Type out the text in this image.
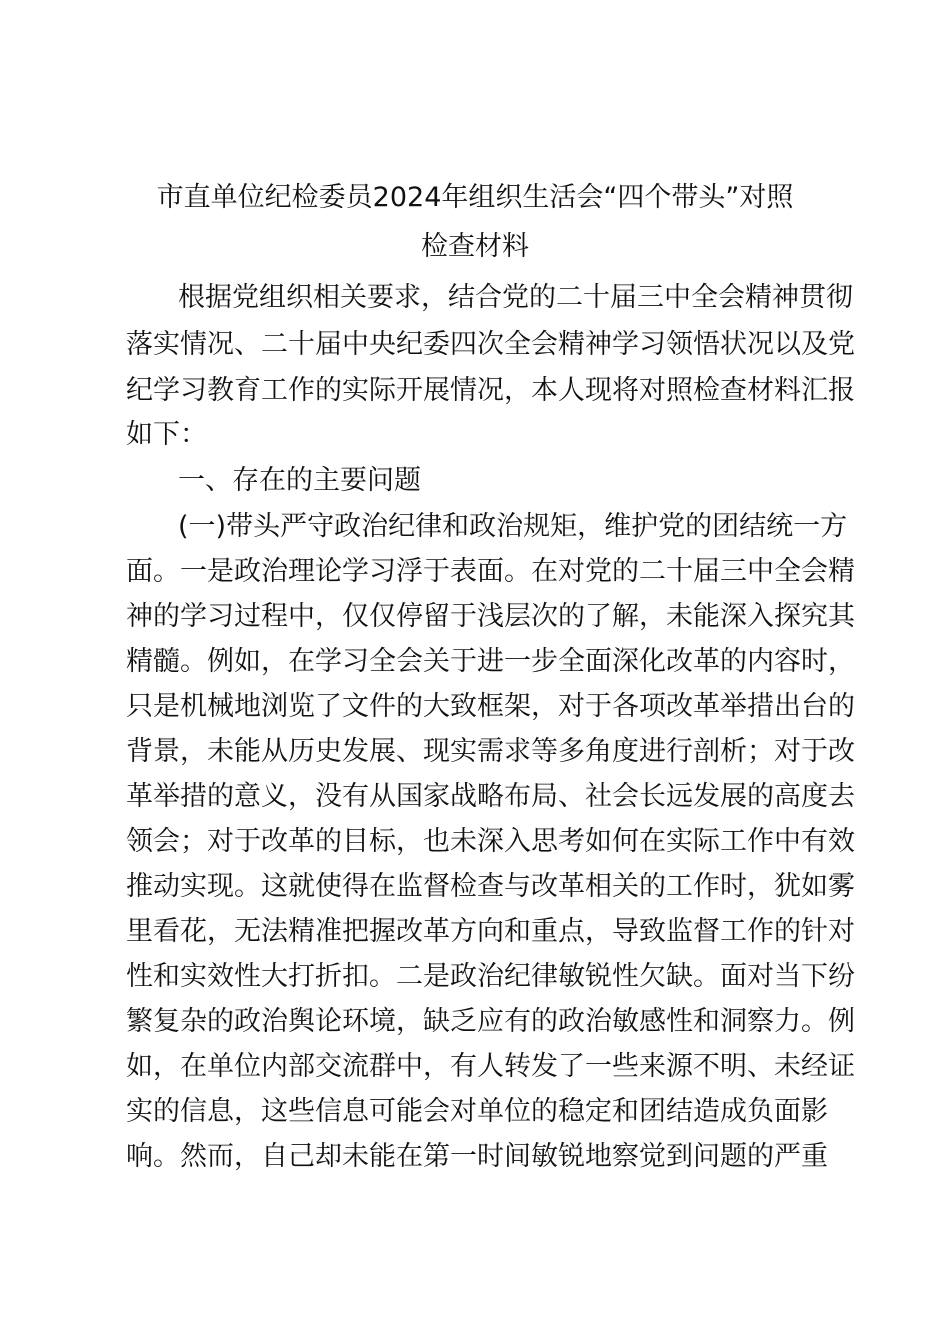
市直单位纪检委员2024年组织生活会“四个带头”对照
检查材料
根 据 党 组 织 相 关 要 求 ， 结 合 党 的 二 十 届 三 中 全 会 精 神 贯 彻
落 实 情 况 、 二 十 届 中 央 纪 委 四 次 全 会 精 神 学 习 领 悟 状 况 以 及 党
纪 学 习 教 育 工 作 的 实 际 开 展 情 况 ， 本 人 现 将 对 照 检 查 材 料 汇 报
如下：
一、存在的主要问题
( 一 ) 带 头 严 守 政 治 纪 律 和 政 治 规 矩 ， 维 护 党 的 团 结 统 一 方
面 。 一 是 政 治 理 论 学 习 浮 于 表 面 。 在 对 党 的 二 十 届 三 中 全 会 精
神 的 学 习 过 程 中 ， 仅 仅 停 留 于 浅 层 次 的 了 解 ， 未 能 深 入 探 究 其
精 髓 。 例 如 ， 在 学 习 全 会 关 于 进 一 步 全 面 深 化 改 革 的 内 容 时 ，
只 是 机 械 地 浏 览 了 文 件 的 大 致 框 架 ， 对 于 各 项 改 革 举 措 出 台 的
背 景 ， 未 能 从 历 史 发 展 、 现 实 需 求 等 多 角 度 进 行 剖 析 ； 对 于 改
革 举 措 的 意 义 ， 没 有 从 国 家 战 略 布 局 、 社 会 长 远 发 展 的 高 度 去
领 会 ； 对 于 改 革 的 目 标 ， 也 未 深 入 思 考 如 何 在 实 际 工 作 中 有 效
推 动 实 现 。 这 就 使 得 在 监 督 检 查 与 改 革 相 关 的 工 作 时 ， 犹 如 雾
里 看 花 ， 无 法 精 准 把 握 改 革 方 向 和 重 点 ， 导 致 监 督 工 作 的 针 对
性 和 实 效 性 大 打 折 扣 。 二 是 政 治 纪 律 敏 锐 性 欠 缺 。 面 对 当 下 纷
繁 复 杂 的 政 治 舆 论 环 境 ， 缺 乏 应 有 的 政 治 敏 感 性 和 洞 察 力 。 例
如 ， 在 单 位 内 部 交 流 群 中 ， 有 人 转 发 了 一 些 来 源 不 明 、 未 经 证
实 的 信 息 ， 这 些 信 息 可 能 会 对 单 位 的 稳 定 和 团 结 造 成 负 面 影
响 。 然 而 ， 自 己 却 未 能 在 第 一 时 间 敏 锐 地 察 觉 到 问 题 的 严 重
